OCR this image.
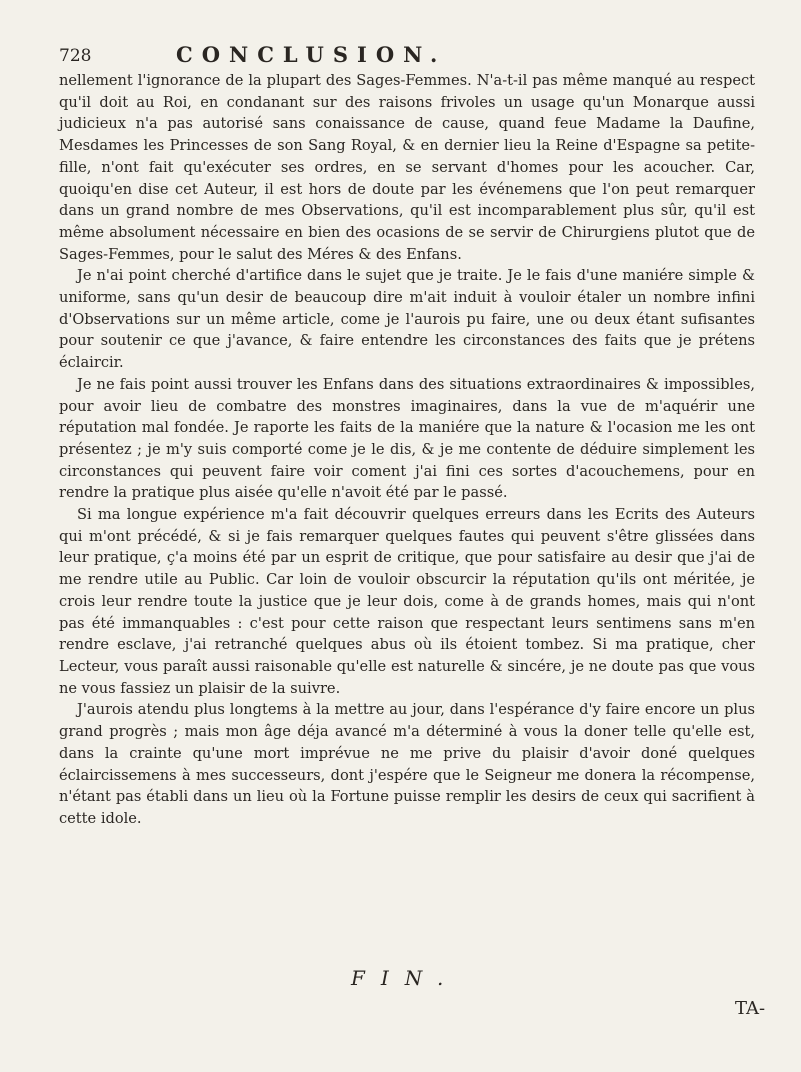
728	CONCLUSION.

nellement l'ignorance de la plupart des Sages-Femmes. N'a-t-il pas même manqué au respect qu'il doit au Roi, en condanant sur des raisons frivoles un usage qu'un Monarque aussi judicieux n'a pas autorisé sans conaissance de cause, quand feue Madame la Daufine, Mesdames les Princesses de son Sang Royal, & en dernier lieu la Reine d'Espagne sa petite-fille, n'ont fait qu'exécuter ses ordres, en se servant d'homes pour les acoucher. Car, quoiqu'en dise cet Auteur, il est hors de doute par les événemens que l'on peut remarquer dans un grand nombre de mes Observations, qu'il est incomparablement plus sûr, qu'il est même absolument nécessaire en bien des ocasions de se servir de Chirurgiens plutot que de Sages-Femmes, pour le salut des Méres & des Enfans.

Je n'ai point cherché d'artifice dans le sujet que je traite. Je le fais d'une maniére simple & uniforme, sans qu'un desir de beaucoup dire m'ait induit à vouloir étaler un nombre infini d'Observations sur un même article, come je l'aurois pu faire, une ou deux étant sufisantes pour soutenir ce que j'avance, & faire entendre les circonstances des faits que je prétens éclaircir.

Je ne fais point aussi trouver les Enfans dans des situations extraordinaires & impossibles, pour avoir lieu de combatre des monstres imaginaires, dans la vue de m'aquérir une réputation mal fondée. Je raporte les faits de la maniére que la nature & l'ocasion me les ont présentez ; je m'y suis comporté come je le dis, & je me contente de déduire simplement les circonstances qui peuvent faire voir coment j'ai fini ces sortes d'acouchemens, pour en rendre la pratique plus aisée qu'elle n'avoit été par le passé.

Si ma longue expérience m'a fait découvrir quelques erreurs dans les Ecrits des Auteurs qui m'ont précédé, & si je fais remarquer quelques fautes qui peuvent s'être glissées dans leur pratique, ç'a moins été par un esprit de critique, que pour satisfaire au desir que j'ai de me rendre utile au Public. Car loin de vouloir obscurcir la réputation qu'ils ont méritée, je crois leur rendre toute la justice que je leur dois, come à de grands homes, mais qui n'ont pas été immanquables : c'est pour cette raison que respectant leurs sentimens sans m'en rendre esclave, j'ai retranché quelques abus où ils étoient tombez. Si ma pratique, cher Lecteur, vous paraît aussi raisonable qu'elle est naturelle & sincére, je ne doute pas que vous ne vous fassiez un plaisir de la suivre.

J'aurois atendu plus longtems à la mettre au jour, dans l'espérance d'y faire encore un plus grand progrès ; mais mon âge déja avancé m'a déterminé à vous la doner telle qu'elle est, dans la crainte qu'une mort imprévue ne me prive du plaisir d'avoir doné quelques éclaircissemens à mes successeurs, dont j'espére que le Seigneur me donera la récompense, n'étant pas établi dans un lieu où la Fortune puisse remplir les desirs de ceux qui sacrifient à cette idole.

FIN.
TA-
